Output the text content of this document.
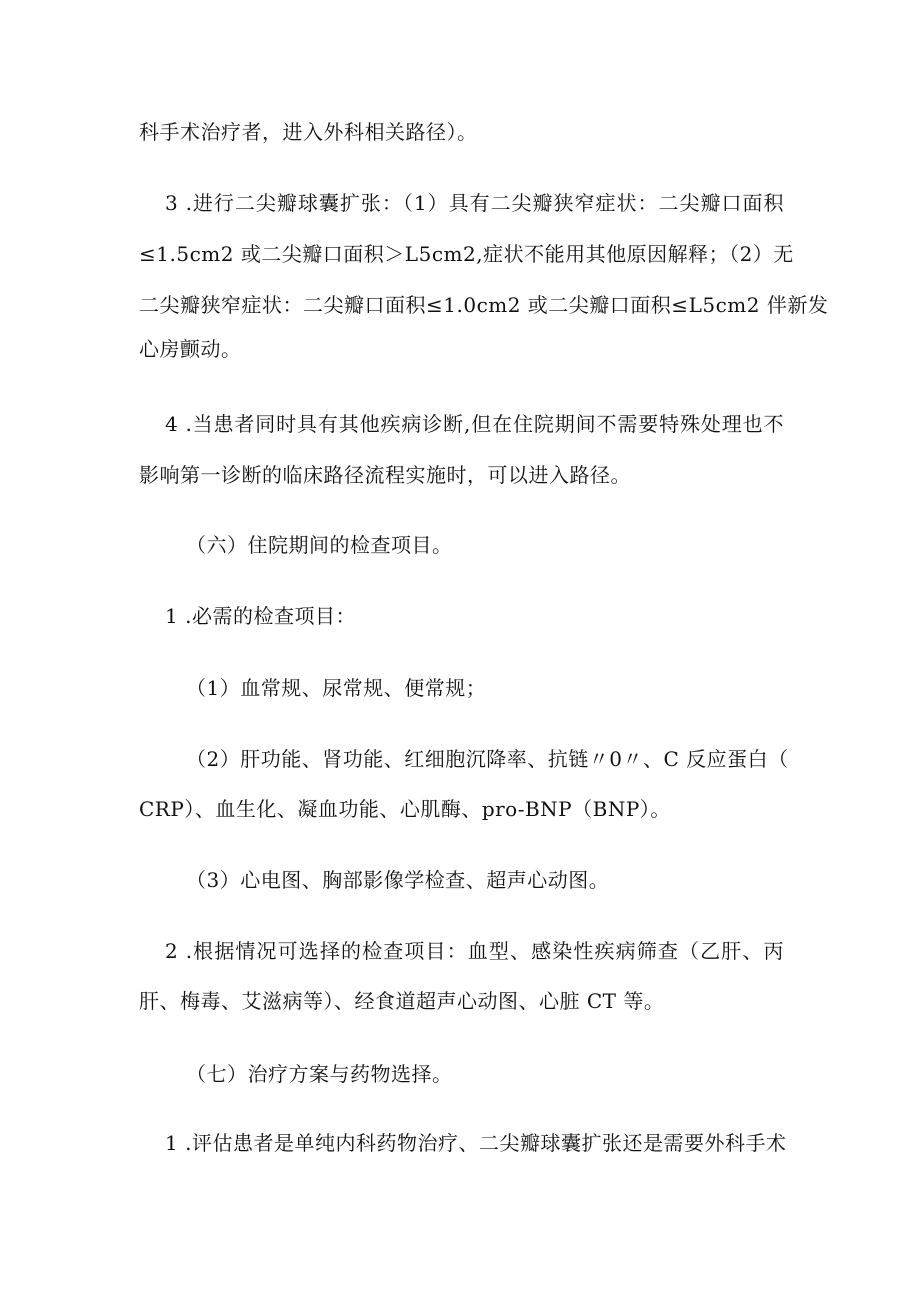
科手术治疗者，进入外科相关路径）。
3 .进行二尖瓣球囊扩张：（1）具有二尖瓣狭窄症状：二尖瓣口面积
≤1.5cm2 或二尖瓣口面积＞L5cm2,症状不能用其他原因解释；（2）无
二尖瓣狭窄症状：二尖瓣口面积≤1.0cm2 或二尖瓣口面积≤L5cm2 伴新发
心房颤动。
4 .当患者同时具有其他疾病诊断,但在住院期间不需要特殊处理也不
影响第一诊断的临床路径流程实施时，可以进入路径。
（六）住院期间的检查项目。
1 .必需的检查项目：
（1）血常规、尿常规、便常规；
（2）肝功能、肾功能、红细胞沉降率、抗链〃0〃、C 反应蛋白（
CRP）、血生化、凝血功能、心肌酶、pro-BNP（BNP）。
（3）心电图、胸部影像学检查、超声心动图。
2 .根据情况可选择的检查项目：血型、感染性疾病筛查（乙肝、丙
肝、梅毒、艾滋病等）、经食道超声心动图、心脏 CT 等。
（七）治疗方案与药物选择。
1 .评估患者是单纯内科药物治疗、二尖瓣球囊扩张还是需要外科手术
